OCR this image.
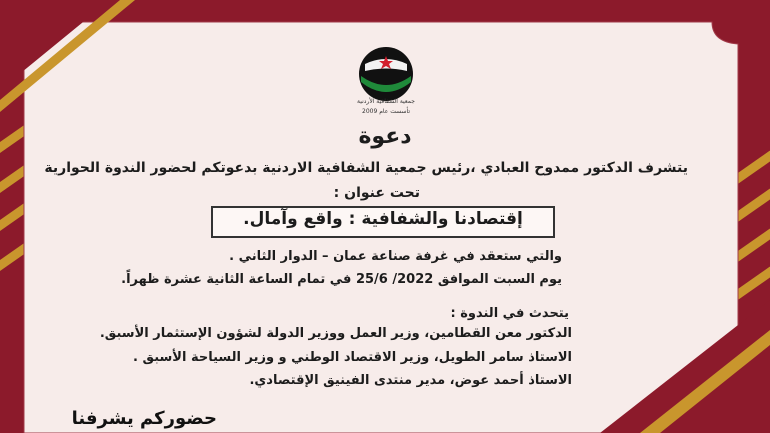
جمعية الشفافية الأردنية
تأسست عام 2009
دعوة
يتشرف الدكتور ممدوح العبادي ،رئيس جمعية الشفافية الاردنية بدعوتكم لحضور الندوة الحوارية
تحت عنوان :
إقتصادنا والشفافية : واقع وآمال.
والتي ستعقد في غرفة صناعة عمان – الدوار الثاني .
يوم السبت الموافق 2022/ 25/6 في تمام الساعة الثانية عشرة ظهراً.
يتحدث في الندوة :
الدكتور معن القطامين، وزير العمل ووزير الدولة لشؤون الإستثمار الأسبق.
الاستاذ سامر الطويل، وزير الاقتصاد الوطني و وزير السياحة الأسبق .
الاستاذ أحمد عوض، مدير منتدى الفينيق الإقتصادي.
حضوركم يشرفنا
